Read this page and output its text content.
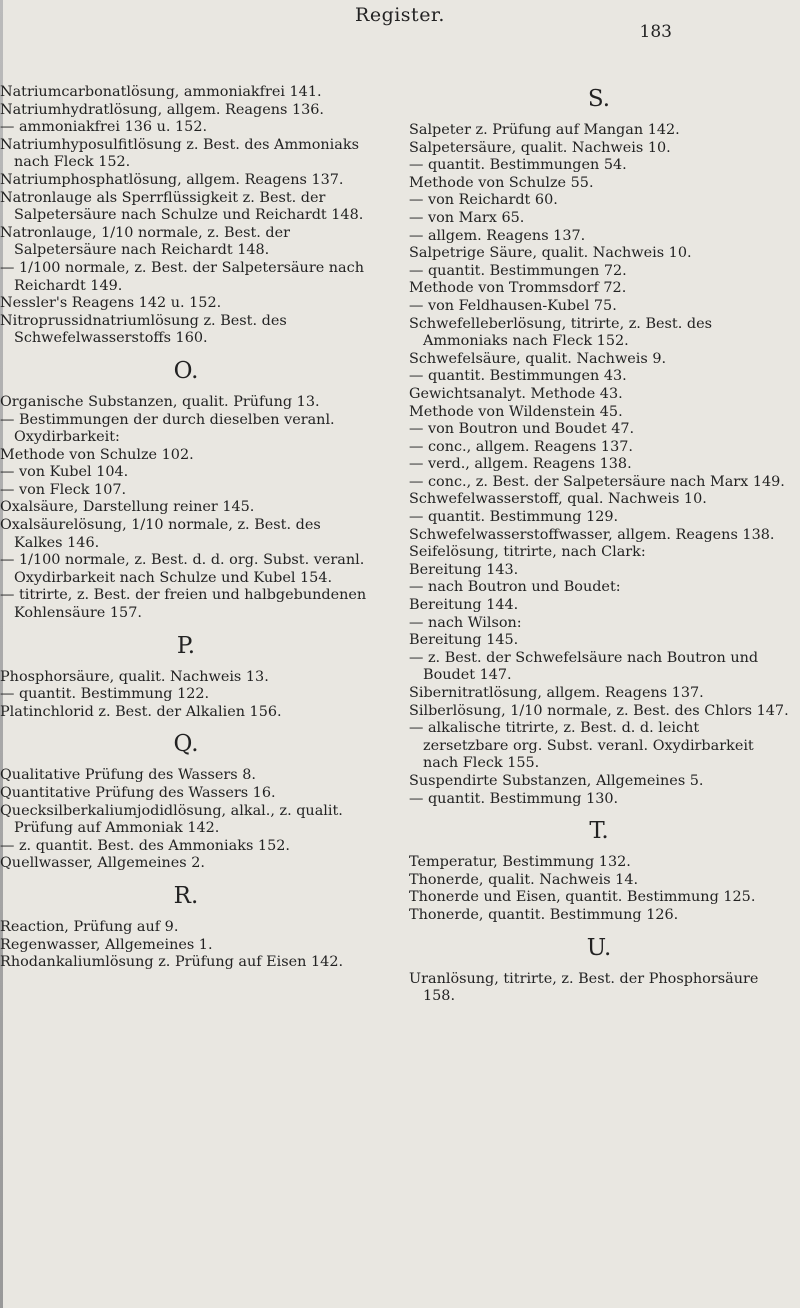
Register.
183
Natriumcarbonatlösung, ammoniakfrei 141.
Natriumhydratlösung, allgem. Reagens 136.
— ammoniakfrei 136 u. 152.
Natriumhyposulfitlösung z. Best. des Ammoniaks nach Fleck 152.
Natriumphosphatlösung, allgem. Reagens 137.
Natronlauge als Sperrflüssigkeit z. Best. der Salpetersäure nach Schulze und Reichardt 148.
Natronlauge, 1/10 normale, z. Best. der Salpetersäure nach Reichardt 148.
— 1/100 normale, z. Best. der Salpetersäure nach Reichardt 149.
Nessler's Reagens 142 u. 152.
Nitroprussidnatriumlösung z. Best. des Schwefelwasserstoffs 160.
O.
Organische Substanzen, qualit. Prüfung 13.
— Bestimmungen der durch dieselben veranl. Oxydirbarkeit:
Methode von Schulze 102.
— von Kubel 104.
— von Fleck 107.
Oxalsäure, Darstellung reiner 145.
Oxalsäurelösung, 1/10 normale, z. Best. des Kalkes 146.
— 1/100 normale, z. Best. d. d. org. Subst. veranl. Oxydirbarkeit nach Schulze und Kubel 154.
— titrirte, z. Best. der freien und halbgebundenen Kohlensäure 157.
P.
Phosphorsäure, qualit. Nachweis 13.
— quantit. Bestimmung 122.
Platinchlorid z. Best. der Alkalien 156.
Q.
Qualitative Prüfung des Wassers 8.
Quantitative Prüfung des Wassers 16.
Quecksilberkaliumjodidlösung, alkal., z. qualit. Prüfung auf Ammoniak 142.
— z. quantit. Best. des Ammoniaks 152.
Quellwasser, Allgemeines 2.
R.
Reaction, Prüfung auf 9.
Regenwasser, Allgemeines 1.
Rhodankaliumlösung z. Prüfung auf Eisen 142.
S.
Salpeter z. Prüfung auf Mangan 142.
Salpetersäure, qualit. Nachweis 10.
— quantit. Bestimmungen 54.
Methode von Schulze 55.
— von Reichardt 60.
— von Marx 65.
— allgem. Reagens 137.
Salpetrige Säure, qualit. Nachweis 10.
— quantit. Bestimmungen 72.
Methode von Trommsdorf 72.
— von Feldhausen-Kubel 75.
Schwefelleberlösung, titrirte, z. Best. des Ammoniaks nach Fleck 152.
Schwefelsäure, qualit. Nachweis 9.
— quantit. Bestimmungen 43.
Gewichtsanalyt. Methode 43.
Methode von Wildenstein 45.
— von Boutron und Boudet 47.
— conc., allgem. Reagens 137.
— verd., allgem. Reagens 138.
— conc., z. Best. der Salpetersäure nach Marx 149.
Schwefelwasserstoff, qual. Nachweis 10.
— quantit. Bestimmung 129.
Schwefelwasserstoffwasser, allgem. Reagens 138.
Seifelösung, titrirte, nach Clark:
Bereitung 143.
— nach Boutron und Boudet:
Bereitung 144.
— nach Wilson:
Bereitung 145.
— z. Best. der Schwefelsäure nach Boutron und Boudet 147.
Sibernitratlösung, allgem. Reagens 137.
Silberlösung, 1/10 normale, z. Best. des Chlors 147.
— alkalische titrirte, z. Best. d. d. leicht zersetzbare org. Subst. veranl. Oxydirbarkeit nach Fleck 155.
Suspendirte Substanzen, Allgemeines 5.
— quantit. Bestimmung 130.
T.
Temperatur, Bestimmung 132.
Thonerde, qualit. Nachweis 14.
Thonerde und Eisen, quantit. Bestimmung 125.
Thonerde, quantit. Bestimmung 126.
U.
Uranlösung, titrirte, z. Best. der Phosphorsäure 158.
